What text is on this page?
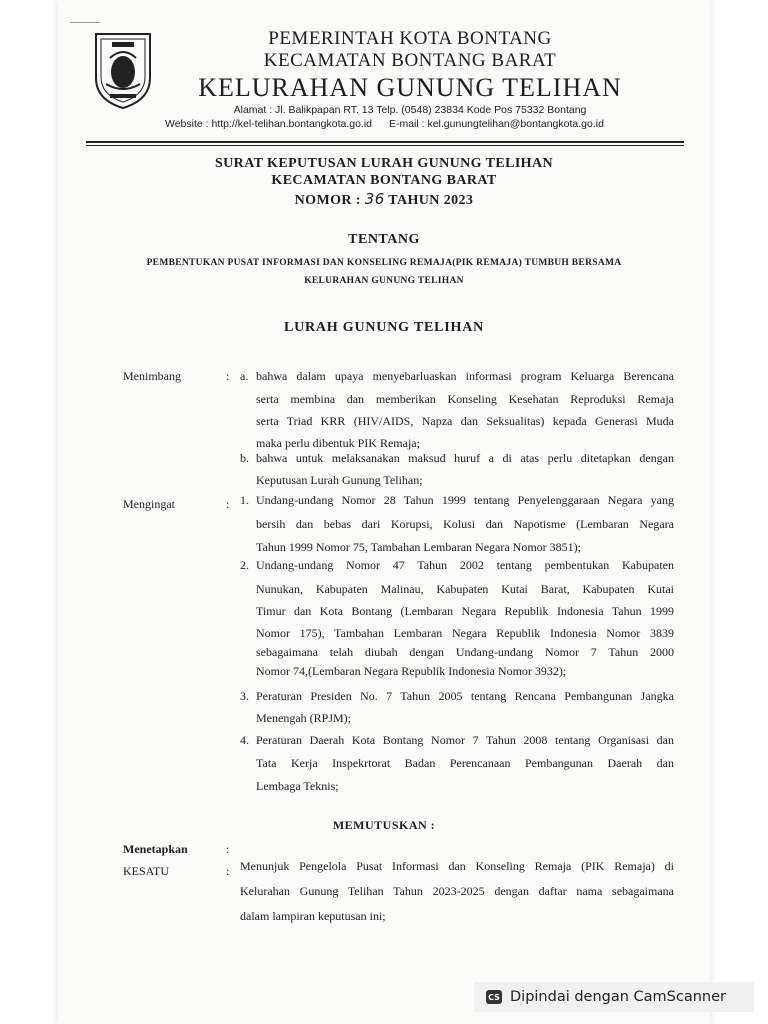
PEMERINTAH KOTA BONTANG
KECAMATAN BONTANG BARAT
KELURAHAN GUNUNG TELIHAN
Alamat : Jl. Balikpapan RT. 13 Telp. (0548) 23834 Kode Pos 75332 Bontang
Website : http://kel-telihan.bontangkota.go.id E-mail : kel.gunungtelihan@bontangkota.go.id
SURAT KEPUTUSAN LURAH GUNUNG TELIHAN
KECAMATAN BONTANG BARAT
NOMOR : 36 TAHUN 2023
TENTANG
PEMBENTUKAN PUSAT INFORMASI DAN KONSELING REMAJA(PIK REMAJA) TUMBUH BERSAMA
KELURAHAN GUNUNG TELIHAN
LURAH GUNUNG TELIHAN
Menimbang	: a. bahwa dalam upaya menyebarluaskan informasi program Keluarga Berencana
serta membina dan memberikan Konseling Kesehatan Reproduksi Remaja
serta Triad KRR (HIV/AIDS, Napza dan Seksualitas) kepada Generasi Muda
maka perlu dibentuk PIK Remaja;
b. bahwa untuk melaksanakan maksud huruf a di atas perlu ditetapkan dengan
Keputusan Lurah Gunung Telihan;
Mengingat	: 1. Undang-undang Nomor 28 Tahun 1999 tentang Penyelenggaraan Negara yang
bersih dan bebas dari Korupsi, Kolusi dan Napotisme (Lembaran Negara
Tahun 1999 Nomor 75, Tambahan Lembaran Negara Nomor 3851);
2. Undang-undang Nomor 47 Tahun 2002 tentang pembentukan Kabupaten
Nunukan, Kabupaten Malinau, Kabupaten Kutai Barat, Kabupaten Kutai
Timur dan Kota Bontang (Lembaran Negara Republik Indonesia Tahun 1999
Nomor 175), Tambahan Lembaran Negara Republik Indonesia Nomor 3839
sebagaimana telah diubah dengan Undang-undang Nomor 7 Tahun 2000
Nomor 74,(Lembaran Negara Republik Indonesia Nomor 3932);
3. Peraturan Presiden No. 7 Tahun 2005 tentang Rencana Pembangunan Jangka
Menengah (RPJM);
4. Peraturan Daerah Kota Bontang Nomor 7 Tahun 2008 tentang Organisasi dan
Tata Kerja Inspekrtorat Badan Perencanaan Pembangunan Daerah dan
Lembaga Teknis;
MEMUTUSKAN :
Menetapkan	:
KESATU	: Menunjuk Pengelola Pusat Informasi dan Konseling Remaja (PIK Remaja) di
Kelurahan Gunung Telihan Tahun 2023-2025 dengan daftar nama sebagaimana
dalam lampiran keputusan ini;
CS Dipindai dengan CamScanner
